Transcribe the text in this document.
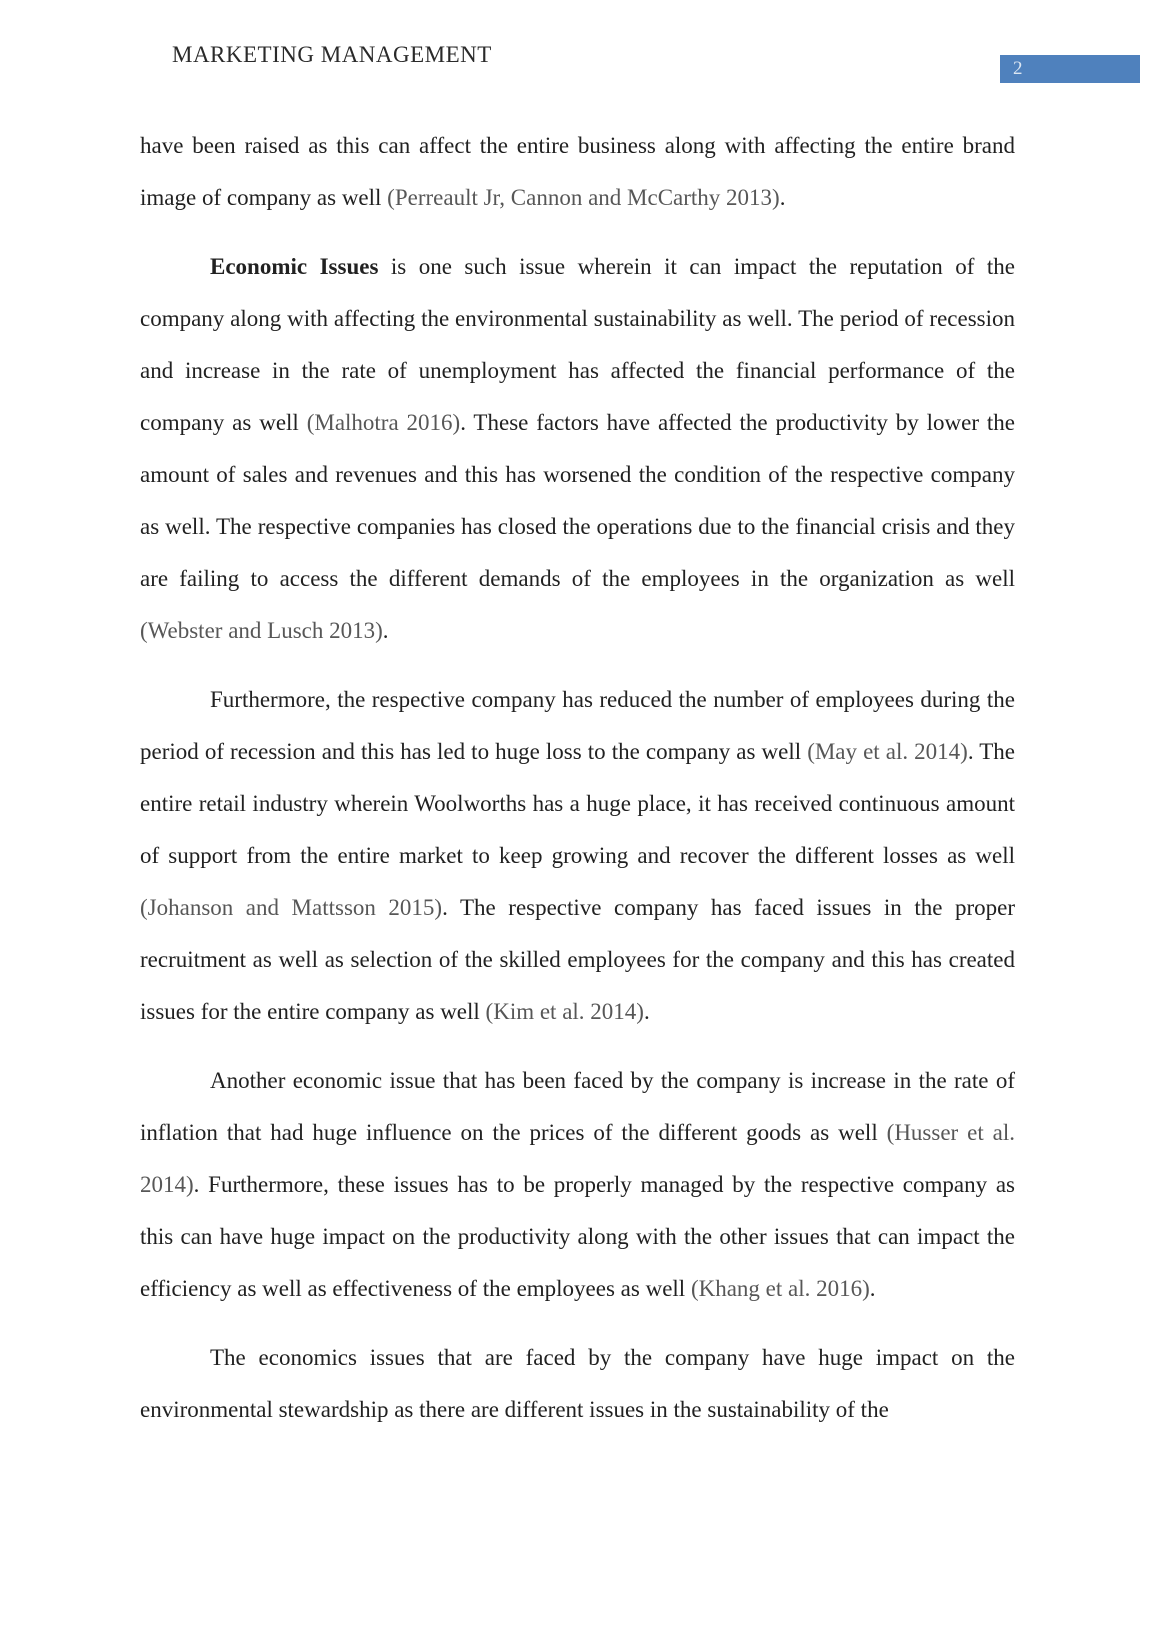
MARKETING MANAGEMENT
2

have been raised as this can affect the entire business along with affecting the entire brand image of company as well (Perreault Jr, Cannon and McCarthy 2013).

Economic Issues is one such issue wherein it can impact the reputation of the company along with affecting the environmental sustainability as well. The period of recession and increase in the rate of unemployment has affected the financial performance of the company as well (Malhotra 2016). These factors have affected the productivity by lower the amount of sales and revenues and this has worsened the condition of the respective company as well. The respective companies has closed the operations due to the financial crisis and they are failing to access the different demands of the employees in the organization as well (Webster and Lusch 2013).

Furthermore, the respective company has reduced the number of employees during the period of recession and this has led to huge loss to the company as well (May et al. 2014). The entire retail industry wherein Woolworths has a huge place, it has received continuous amount of support from the entire market to keep growing and recover the different losses as well (Johanson and Mattsson 2015). The respective company has faced issues in the proper recruitment as well as selection of the skilled employees for the company and this has created issues for the entire company as well (Kim et al. 2014).

Another economic issue that has been faced by the company is increase in the rate of inflation that had huge influence on the prices of the different goods as well (Husser et al. 2014). Furthermore, these issues has to be properly managed by the respective company as this can have huge impact on the productivity along with the other issues that can impact the efficiency as well as effectiveness of the employees as well (Khang et al. 2016).

The economics issues that are faced by the company have huge impact on the environmental stewardship as there are different issues in the sustainability of the
